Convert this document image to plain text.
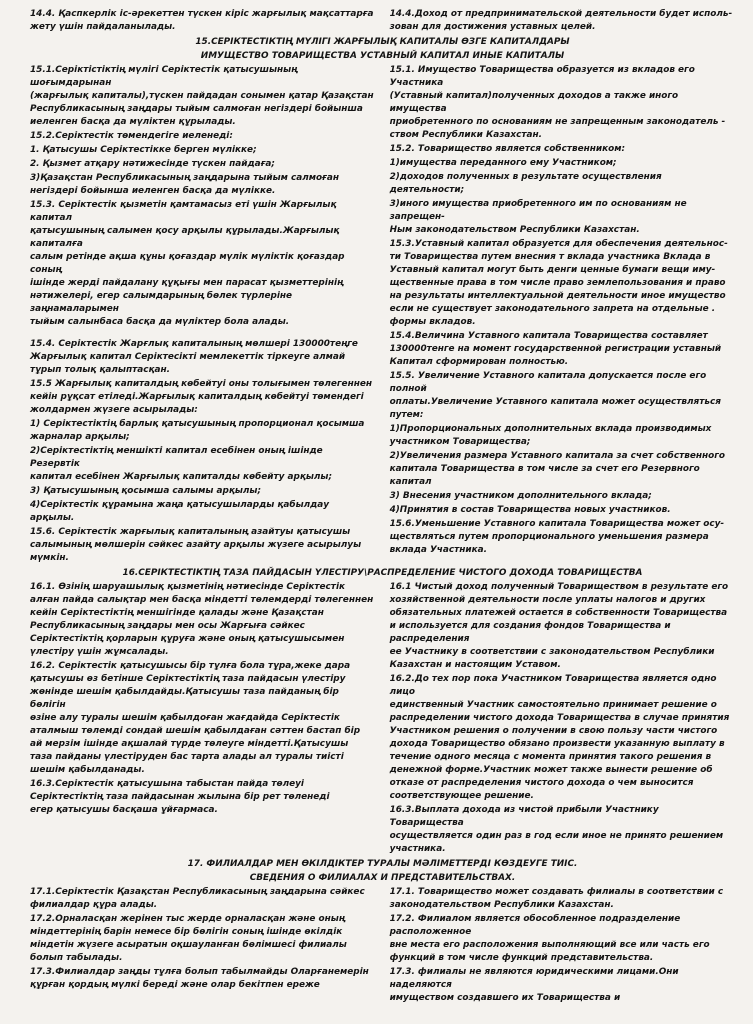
14.4. Қаспкерлік іс-әрекеттен түскен кіріс жарғылық мақсаттарға
жету үшін пайдаланылады.
14.4.Доход от предпринимательской деятельности будет исполь-
зован для достижения уставных целей.
15.СЕРІКТЕСТІКТІҢ МҮЛІГІ ЖАРҒЫЛЫҚ КАПИТАЛЫ ӨЗГЕ КАПИТАЛДАРЫ
ИМУЩЕСТВО ТОВАРИЩЕСТВА УСТАВНЫЙ КАПИТАЛ ИНЫЕ КАПИТАЛЫ
15.1.Серіктістіктің мүлігі Серіктестік қатысушының шоғымдарынан
(жарғылық капиталы),түскен пайдадан сонымен қатар Қазақстан
Республикасының заңдары тыйым салмоған негіздері бойынша
иеленген басқа да мүліктен құрылады.
15.2.Серіктестік төмендегіге иеленеді:
1. Қатысушы Серіктестікке берген мүлікке;
2. Қызмет атқару нәтижесінде түскен пайдаға;
3)Қазақстан Республикасының заңдарына тыйым салмоған
негіздері бойынша иеленген басқа да мүлікке.
15.3. Серіктестік қызметін қамтамасыз еті үшін Жарғылық капитал
қатысушының салымен қосу арқылы құрылады.Жарғылық капиталға
салым ретінде ақша құны қоғаздар мүлік мүліктік қоғаздар соның
ішінде жерді пайдалану құқығы мен парасат қызметтерінің
нәтижелері, егер салымдарының бөлек түрлеріне заңнамаларымен
тыйым салынбаса басқа да мүліктер бола алады.
15.4. Серіктестік Жарғлық капиталының мөлшері 130000теңге
Жарғылық капитал Серіктесікті мемлекеттік тіркеуге алмай
тұрып толық қалыптасқан.
15.5 Жарғылық капиталдың көбейтуі оны толығымен төлегеннен
кейін рұқсат етіледі.Жарғылық капиталдың көбейтуі төмендегі
жолдармен жүзеге асырылады:
1) Серіктестіктің барлық қатысушының пропорционал қосымша
жарналар арқылы;
2)Серіктестіктің меншікті капитал есебінен оның ішінде Резервтік
капитал есебінен Жарғылық капиталды көбейту арқылы;
3) Қатысушының қосымша салымы арқылы;
4)Серіктестік құрамына жаңа қатысушыларды қабылдау арқылы.
15.6. Серіктестік жарғылық капиталының азайтуы қатысушы
салымының мөлшерін сәйкес азайту арқылы жүзеге асырылуы мүмкін.
15.1. Имущество Товарищества образуется из вкладов его Участника
(Уставный капитал)полученных доходов а также иного имущества
приобретенного по основаниям не запрещенным законодатель -
ством Республики Казахстан.
15.2. Товарищество является собственником:
1)имущества переданного ему Участником;
2)доходов полученных в результате осуществления деятельности;
3)иного имущества приобретенного им по основаниям не запрещен-
Ным законодательством Республики Казахстан.
15.3.Уставный капитал образуется для обеспечения деятельнос-
ти Товарищества путем внесния т вклада участника Вклада в
Уставный капитал могут быть денги ценные бумаги вещи иму-
щественные права в том числе право землепользования и право
на результаты интеллектуальной деятельности иное имущество
если не существует законодательного запрета на отдельные .
формы вкладов.
15.4.Величина Уставного капитала Товарищества составляет
130000тенге на момент государственной регистрации уставный
Капитал сформирован полностью.
15.5. Увеличение Уставного капитала допускается после его полной
оплаты.Увеличение Уставного капитала может осуществляться
путем:
1)Пропорциональных дополнительных вклада производимых
участником Товарищества;
2)Увеличения размера Уставного капитала за счет собственного
капитала Товарищества в том числе за счет его Резервного капитал
3) Внесения участником дополнительного вклада;
4)Принятия в состав Товарищества новых участников.
15.6.Уменьшение Уставного капитала Товарищества может осу-
ществляться путем пропорционального уменьшения размера
вклада Участника.
16.СЕРІКТЕСТІКТІҢ ТАЗА ПАЙДАСЫН ҮЛЕСТІРУ\РАСПРЕДЕЛЕНИЕ ЧИСТОГО ДОХОДА ТОВАРИЩЕСТВА
16.1. Өзінің шаруашылық қызметінің нәтиесінде Серіктестік
алған пайда салықтар мен басқа міндетті төлемдерді төлегеннен
кейін Серіктестіктің меншігінде қалады және Қазақстан
Республикасының заңдары мен осы Жарғыға сәйкес
Серіктестіктің қорларын құруға және оның қатысушысымен
үлестіру үшін жұмсалады.
16.2. Серіктестік қатысушысы бір тұлға бола тұра,жеке дара
қатысушы өз бетінше Серіктестіктің таза пайдасын үлестіру
жөнінде шешім қабылдайды.Қатысушы таза пайданың бір бөлігін
өзіне алу туралы шешім қабылдоған жағдайда Серіктестік
аталмыш төлемді сондай шешім қабылдаған сәттен бастап бір
ай мерзім ішінде ақшалай түрде төлеуге міндетті.Қатысушы
таза пайданы үлестіруден бас тарта алады ал туралы тиісті
шешім қабылданады.
16.3.Серіктестік қатысушына табыстан пайда төлеуі
Серіктестіктің таза пайдасынан жылына бір рет төленеді
егер қатысушы басқаша ұйғармаса.
16.1 Чистый доход полученный Товариществом в результате его
хозяйственной деятельности после уплаты налогов и других
обязательных платежей остается в собственности Товарищества
и используется для создания фондов Товарищества и распределения
ее Участнику в соответствии с законодательством Республики
Казахстан и настоящим Уставом.
16.2.До тех пор пока Участником Товарищества является одно лицо
единственный Участник самостоятельно принимает решение о
распределении чистого дохода Товарищества в случае принятия
Участником решения о получении в свою пользу части чистого
дохода Товарищество обязано произвести указанную выплату в
течение одного месяца с момента принятия такого решения в
денежной форме.Участник может также вынести решение об
отказе от распределения чистого дохода о чем выносится
соответствующее решение.
16.3.Выплата дохода из чистой прибыли Участнику Товарищества
осуществляется один раз в год если иное не принято решением участника.
17. ФИЛИАЛДАР МЕН ӨКІЛДІКТЕР ТУРАЛЫ МӘЛІМЕТТЕРДІ КӨЗДЕУГЕ ТИІС.
СВЕДЕНИЯ О ФИЛИАЛАХ И ПРЕДСТАВИТЕЛЬСТВАХ.
17.1.Серіктестік Қазақстан Республикасының заңдарына сәйкес
филиалдар құра алады.
17.2.Орналасқан жерінен тыс жерде орналасқан және оның
міндеттерінің барін немесе бір бөлігін соның ішінде өкілдік
міндетін жүзеге асыратын оқшауланған бөлімшесі филиалы
болып табылады.
17.3.Филиалдар заңды тұлға болып табылмайды Оларғанемерін
құрған қордың мүлкі береді және олар бекітпен ереже
17.1. Товарищество может создавать филиалы в соответствии с
законодательством Республики Казахстан.
17.2. Филиалом является обособленное подразделение расположенное
вне места его расположения выполняющий все или часть его
функций в том числе функций представительства.
17.3. филиалы не являются юридическими лицами.Они наделяются
имуществом создавшего их Товарищества и
